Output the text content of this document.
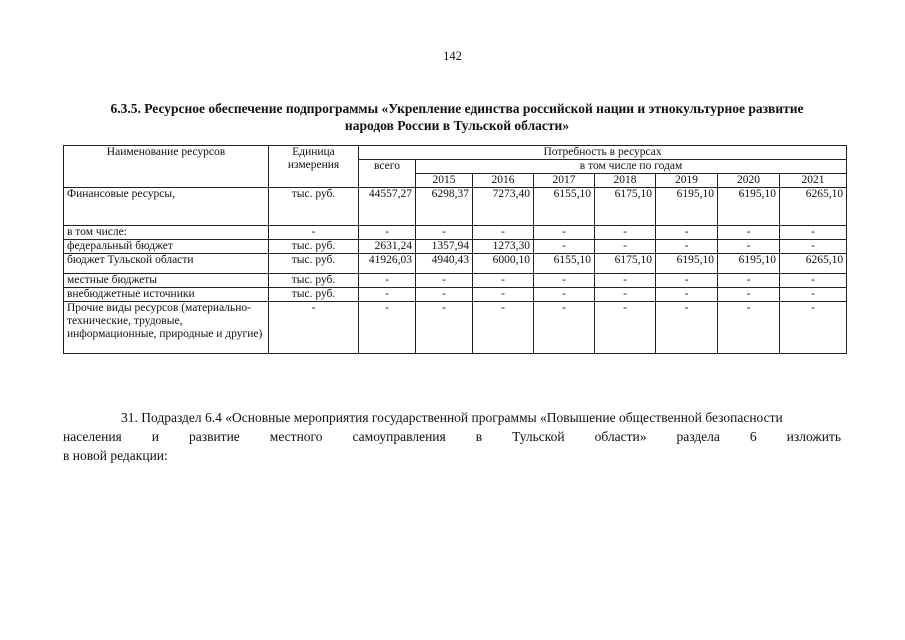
142
6.3.5. Ресурсное обеспечение подпрограммы «Укрепление единства российской нации и этнокультурное развитие
народов России в Тульской области»
Наименование ресурсов	Единица измерения	Потребность в ресурсах							
		всего	в том числе по годам						
			2015	2016	2017	2018	2019	2020	2021
Финансовые ресурсы,	тыс. руб.	44557,27	6298,37	7273,40	6155,10	6175,10	6195,10	6195,10	6265,10
в том числе:	-	-	-	-	-	-	-	-	-
федеральный бюджет	тыс. руб.	2631,24	1357,94	1273,30	-	-	-	-	-
бюджет Тульской области	тыс. руб.	41926,03	4940,43	6000,10	6155,10	6175,10	6195,10	6195,10	6265,10
местные бюджеты	тыс. руб.	-	-	-	-	-	-	-	-
внебюджетные источники	тыс. руб.	-	-	-	-	-	-	-	-
Прочие виды ресурсов (материально-технические, трудовые, информационные, природные и другие)	-	-	-	-	-	-	-	-	-
31. Подраздел 6.4 «Основные мероприятия государственной программы «Повышение общественной безопасности
населения и развитие местного самоуправления в Тульской области» раздела 6 изложить
в новой редакции:
